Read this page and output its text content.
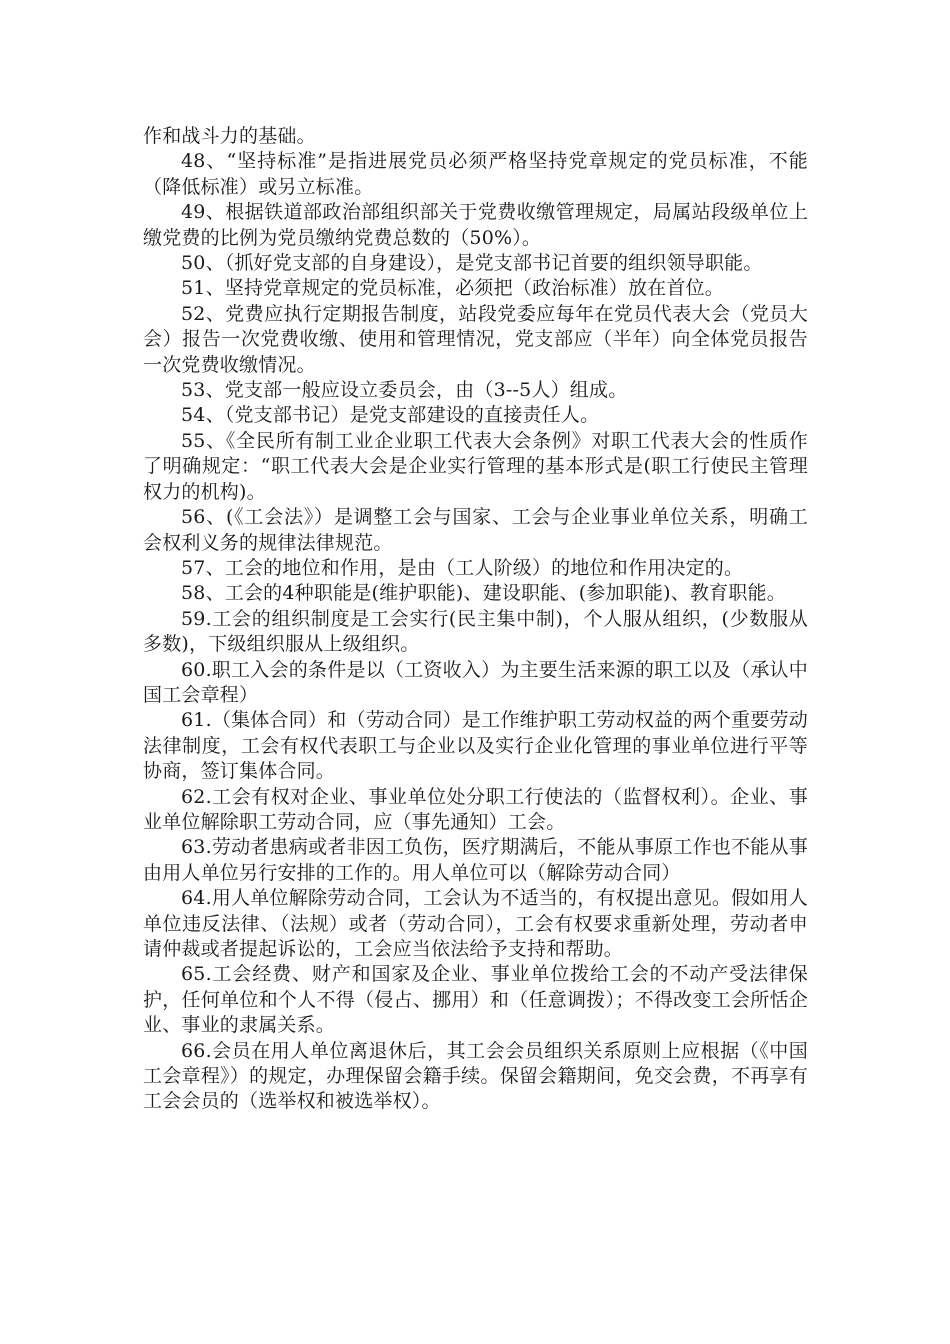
作和战斗力的基础。

48、“坚持标准”是指进展党员必须严格坚持党章规定的党员标准，不能（降低标准）或另立标准。

49、根据铁道部政治部组织部关于党费收缴管理规定，局属站段级单位上缴党费的比例为党员缴纳党费总数的（50%）。

50、（抓好党支部的自身建设），是党支部书记首要的组织领导职能。

51、坚持党章规定的党员标准，必须把（政治标准）放在首位。

52、党费应执行定期报告制度，站段党委应每年在党员代表大会（党员大会）报告一次党费收缴、使用和管理情况，党支部应（半年）向全体党员报告一次党费收缴情况。

53、党支部一般应设立委员会，由（3--5人）组成。

54、（党支部书记）是党支部建设的直接责任人。

55、《全民所有制工业企业职工代表大会条例》对职工代表大会的性质作了明确规定：“职工代表大会是企业实行管理的基本形式是(职工行使民主管理权力的机构)。

56、(《工会法》）是调整工会与国家、工会与企业事业单位关系，明确工会权利义务的规律法律规范。

57、工会的地位和作用，是由（工人阶级）的地位和作用决定的。

58、工会的4种职能是(维护职能)、建设职能、(参加职能)、教育职能。

59.工会的组织制度是工会实行(民主集中制)，个人服从组织，(少数服从多数)，下级组织服从上级组织。

60.职工入会的条件是以（工资收入）为主要生活来源的职工以及（承认中国工会章程）

61.（集体合同）和（劳动合同）是工作维护职工劳动权益的两个重要劳动法律制度，工会有权代表职工与企业以及实行企业化管理的事业单位进行平等协商，签订集体合同。

62.工会有权对企业、事业单位处分职工行使法的（监督权利）。企业、事业单位解除职工劳动合同，应（事先通知）工会。

63.劳动者患病或者非因工负伤，医疗期满后，不能从事原工作也不能从事由用人单位另行安排的工作的。用人单位可以（解除劳动合同）

64.用人单位解除劳动合同，工会认为不适当的，有权提出意见。假如用人单位违反法律、（法规）或者（劳动合同），工会有权要求重新处理，劳动者申请仲裁或者提起诉讼的，工会应当依法给予支持和帮助。

65.工会经费、财产和国家及企业、事业单位拨给工会的不动产受法律保护，任何单位和个人不得（侵占、挪用）和（任意调拨）；不得改变工会所恬企业、事业的隶属关系。

66.会员在用人单位离退休后，其工会会员组织关系原则上应根据（《中国工会章程》）的规定，办理保留会籍手续。保留会籍期间，免交会费，不再享有工会会员的（选举权和被选举权）。
